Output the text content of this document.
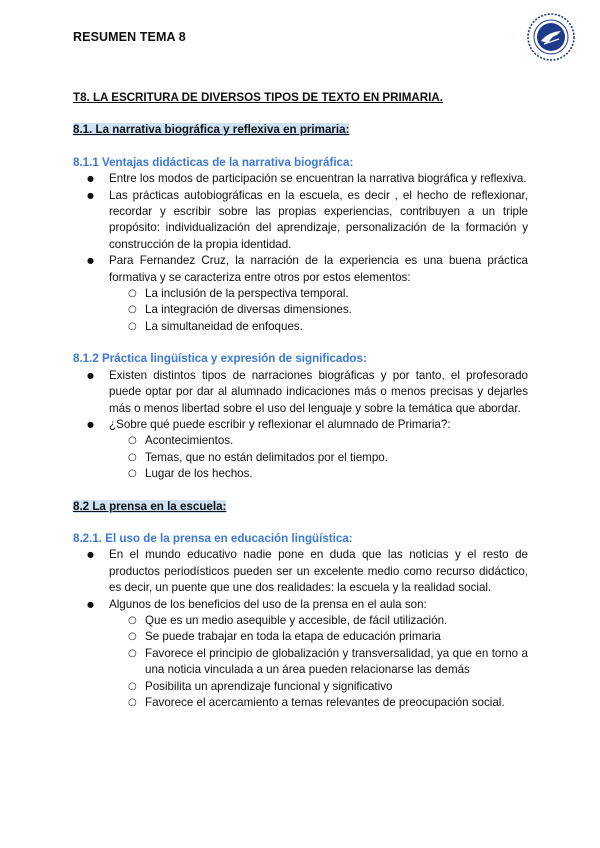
RESUMEN TEMA 8

T8. LA ESCRITURA DE DIVERSOS TIPOS DE TEXTO EN PRIMARIA.

8.1. La narrativa biográfica y reflexiva en primaria:

8.1.1 Ventajas didácticas de la narrativa biográfica:

● Entre los modos de participación se encuentran la narrativa biográfica y reflexiva.
● Las prácticas autobiográficas en la escuela, es decir , el hecho de reflexionar, recordar y escribir sobre las propias experiencias, contribuyen a un triple propósito: individualización del aprendizaje, personalización de la formación y construcción de la propia identidad.
● Para Fernandez Cruz, la narración de la experiencia es una buena práctica formativa y se caracteriza entre otros por estos elementos:
○ La inclusión de la perspectiva temporal.
○ La integración de diversas dimensiones.
○ La simultaneidad de enfoques.

8.1.2 Práctica lingüística y expresión de significados:

● Existen distintos tipos de narraciones biográficas y por tanto, el profesorado puede optar por dar al alumnado indicaciones más o menos precisas y dejarles más o menos libertad sobre el uso del lenguaje y sobre la temática que abordar.
● ¿Sobre qué puede escribir y reflexionar el alumnado de Primaria?:
○ Acontecimientos.
○ Temas, que no están delimitados por el tiempo.
○ Lugar de los hechos.

8.2 La prensa en la escuela:

8.2.1. El uso de la prensa en educación lingüística:

● En el mundo educativo nadie pone en duda que las noticias y el resto de productos periodísticos pueden ser un excelente medio como recurso didáctico, es decir, un puente que une dos realidades: la escuela y la realidad social.
● Algunos de los beneficios del uso de la prensa en el aula son:
○ Que es un medio asequible y accesible, de fácil utilización.
○ Se puede trabajar en toda la etapa de educación primaria
○ Favorece el principio de globalización y transversalidad, ya que en torno a una noticia vinculada a un área pueden relacionarse las demás
○ Posibilita un aprendizaje funcional y significativo
○ Favorece el acercamiento a temas relevantes de preocupación social.
